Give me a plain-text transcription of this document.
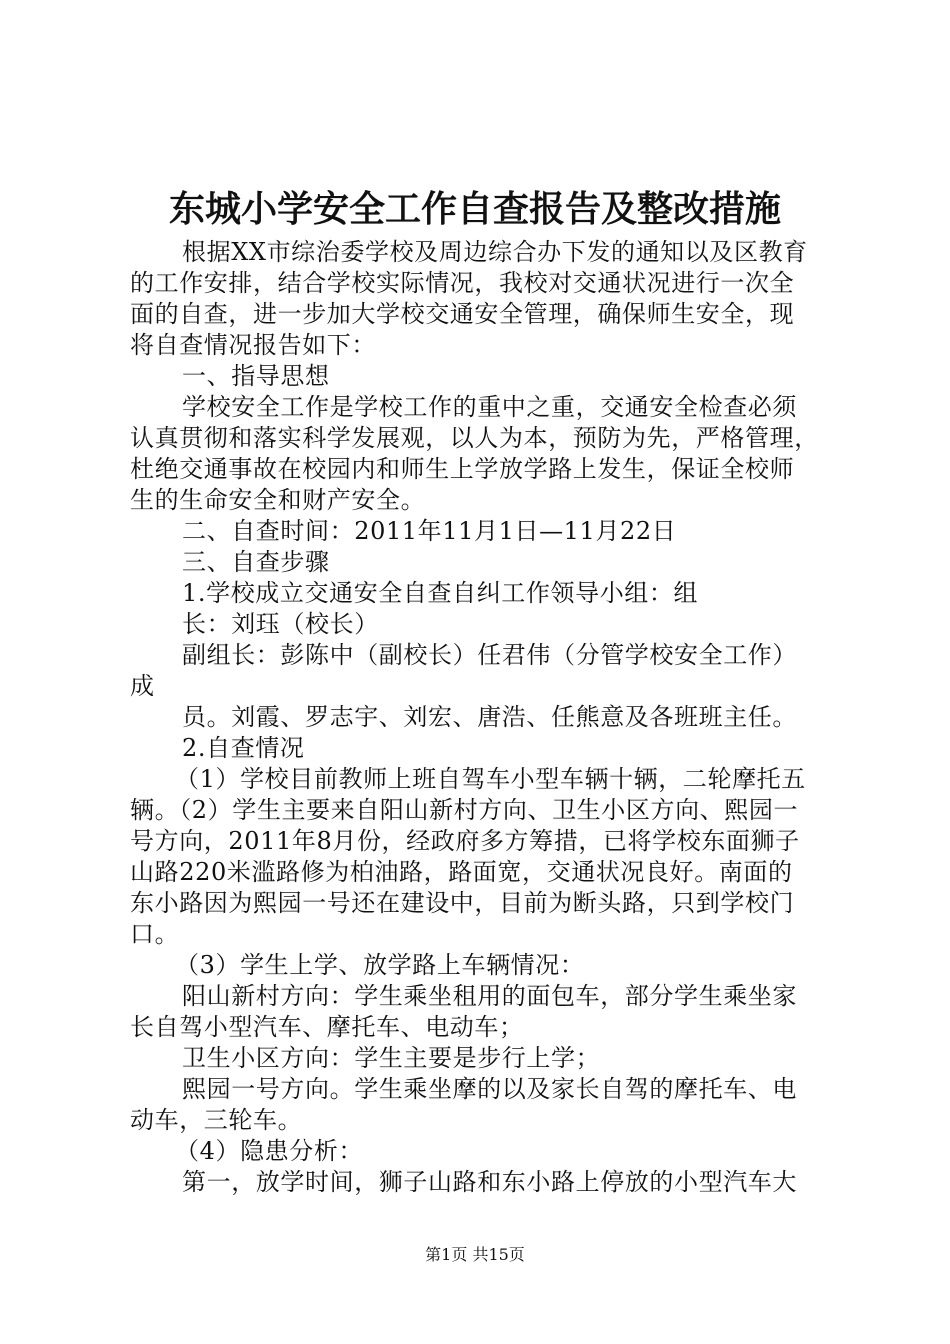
东城小学安全工作自查报告及整改措施
根据XX市综治委学校及周边综合办下发的通知以及区教育
的工作安排，结合学校实际情况，我校对交通状况进行一次全
面的自查，进一步加大学校交通安全管理，确保师生安全，现
将自查情况报告如下：
一、指导思想
学校安全工作是学校工作的重中之重，交通安全检查必须
认真贯彻和落实科学发展观，以人为本，预防为先，严格管理，
杜绝交通事故在校园内和师生上学放学路上发生，保证全校师
生的生命安全和财产安全。
二、自查时间：2011年11月1日—11月22日
三、自查步骤
1.学校成立交通安全自查自纠工作领导小组：组
长：刘珏（校长）
副组长：彭陈中（副校长）任君伟（分管学校安全工作）
成
员。刘霞、罗志宇、刘宏、唐浩、任熊意及各班班主任。
2.自查情况
（1）学校目前教师上班自驾车小型车辆十辆，二轮摩托五
辆。（2）学生主要来自阳山新村方向、卫生小区方向、熙园一
号方向，2011年8月份，经政府多方筹措，已将学校东面狮子
山路220米滥路修为柏油路，路面宽，交通状况良好。南面的
东小路因为熙园一号还在建设中，目前为断头路，只到学校门
口。
（3）学生上学、放学路上车辆情况：
阳山新村方向：学生乘坐租用的面包车，部分学生乘坐家
长自驾小型汽车、摩托车、电动车；
卫生小区方向：学生主要是步行上学；
熙园一号方向。学生乘坐摩的以及家长自驾的摩托车、电
动车，三轮车。
（4）隐患分析：
第一，放学时间，狮子山路和东小路上停放的小型汽车大
第1页 共15页
